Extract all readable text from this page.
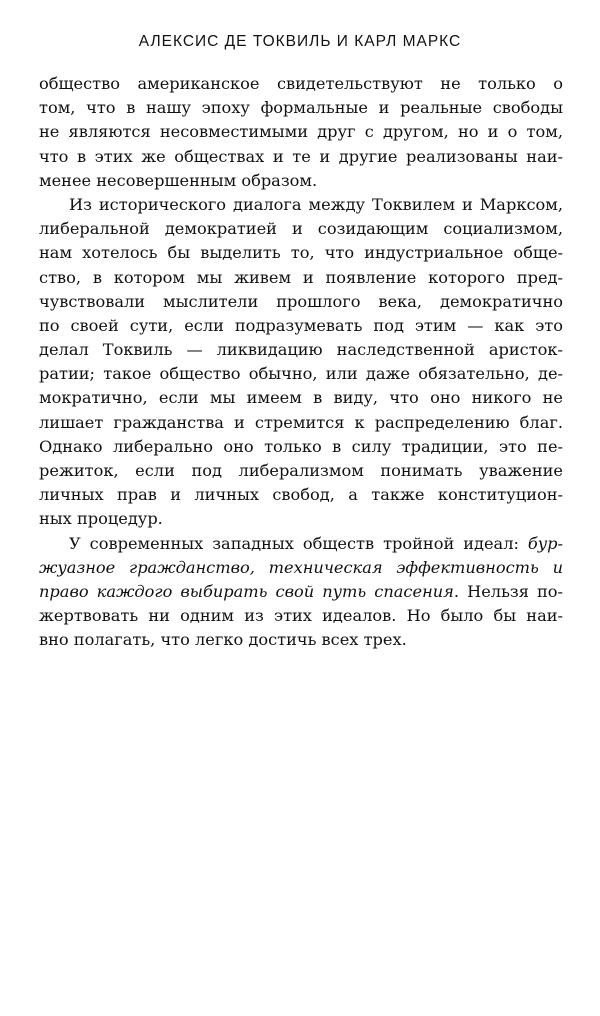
АЛЕКСИС ДЕ ТОКВИЛЬ И КАРЛ МАРКС
общество американское свидетельствуют не только о
том, что в нашу эпоху формальные и реальные свободы
не являются несовместимыми друг с другом, но и о том,
что в этих же обществах и те и другие реализованы наи-
менее несовершенным образом.
Из исторического диалога между Токвилем и Марксом,
либеральной демократией и созидающим социализмом,
нам хотелось бы выделить то, что индустриальное обще-
ство, в котором мы живем и появление которого пред-
чувствовали мыслители прошлого века, демократично
по своей сути, если подразумевать под этим — как это
делал Токвиль — ликвидацию наследственной аристок-
ратии; такое общество обычно, или даже обязательно, де-
мократично, если мы имеем в виду, что оно никого не
лишает гражданства и стремится к распределению благ.
Однако либерально оно только в силу традиции, это пе-
режиток, если под либерализмом понимать уважение
личных прав и личных свобод, а также конституцион-
ных процедур.
У современных западных обществ тройной идеал: бур-
жуазное гражданство, техническая эффективность и
право каждого выбирать свой путь спасения. Нельзя по-
жертвовать ни одним из этих идеалов. Но было бы наи-
вно полагать, что легко достичь всех трех.
